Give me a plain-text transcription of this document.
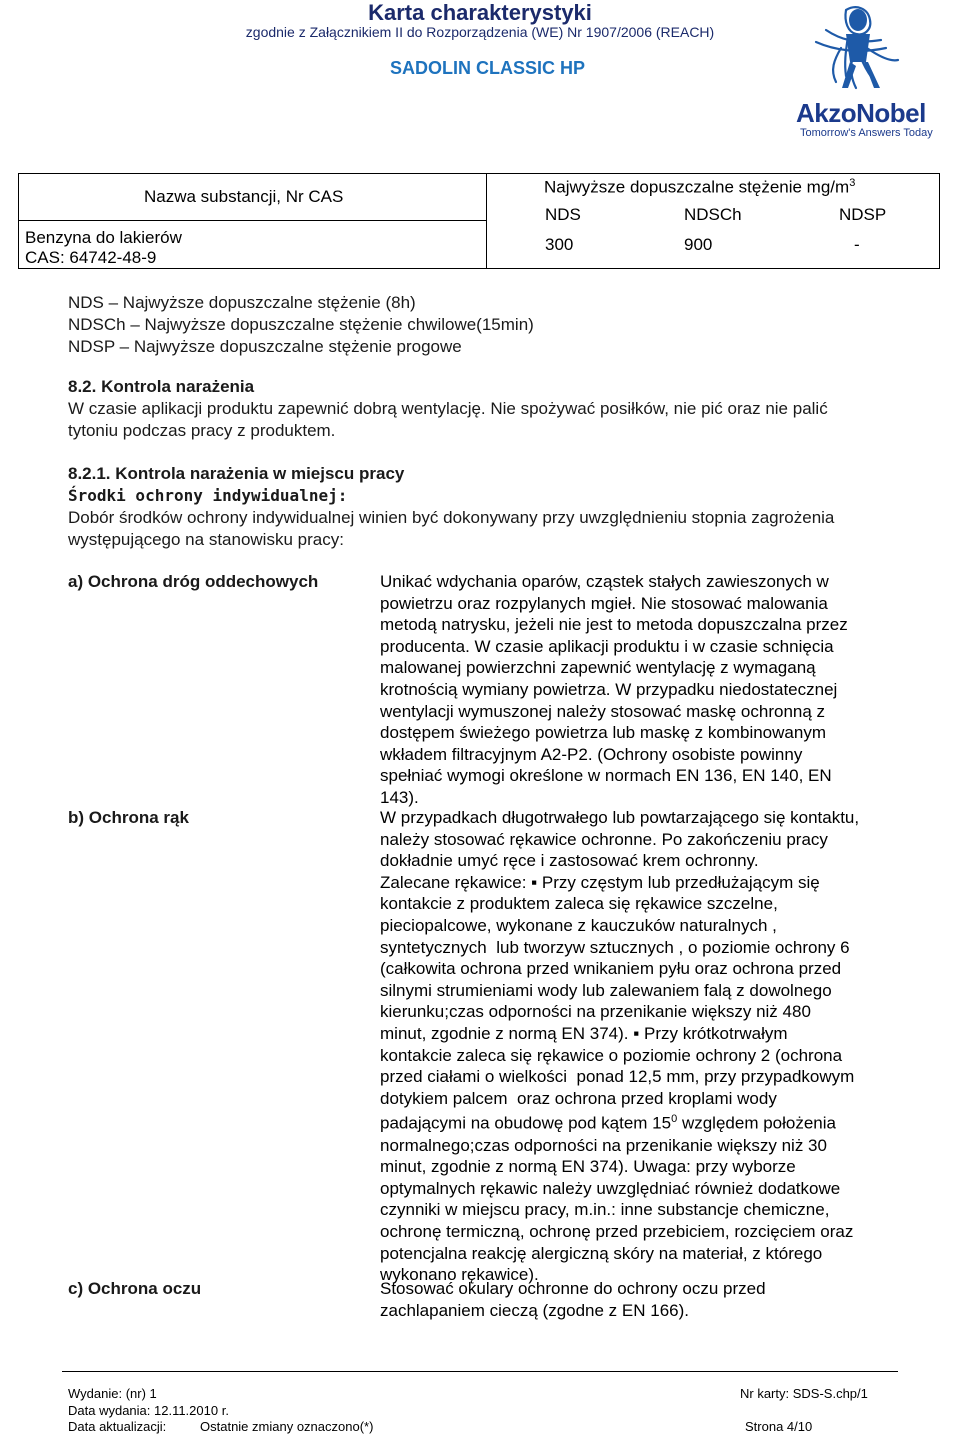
Karta charakterystyki
zgodnie z Załącznikiem II do Rozporządzenia (WE) Nr 1907/2006 (REACH)
SADOLIN CLASSIC HP
AkzoNobel
Tomorrow's Answers Today
Nazwa substancji, Nr CAS	Najwyższe dopuszczalne stężenie $mg/m^3$
NDS	NDSCh	NDSP
Benzyna do lakierów
CAS: 64742-48-9
300	900	-
NDS – Najwyższe dopuszczalne stężenie (8h)
NDSCh – Najwyższe dopuszczalne stężenie chwilowe(15min)
NDSP – Najwyższe dopuszczalne stężenie progowe
8.2. Kontrola narażenia
W czasie aplikacji produktu zapewnić dobrą wentylację. Nie spożywać posiłków, nie pić oraz nie palić
tytoniu podczas pracy z produktem.
8.2.1. Kontrola narażenia w miejscu pracy
Środki ochrony indywidualnej:
Dobór środków ochrony indywidualnej winien być dokonywany przy uwzględnieniu stopnia zagrożenia
występującego na stanowisku pracy:
a) Ochrona dróg oddechowych	Unikać wdychania oparów, cząstek stałych zawieszonych w
powietrzu oraz rozpylanych mgieł. Nie stosować malowania
metodą natrysku, jeżeli nie jest to metoda dopuszczalna przez
producenta. W czasie aplikacji produktu i w czasie schnięcia
malowanej powierzchni zapewnić wentylację z wymaganą
krotnością wymiany powietrza. W przypadku niedostatecznej
wentylacji wymuszonej należy stosować maskę ochronną z
dostępem świeżego powietrza lub maskę z kombinowanym
wkładem filtracyjnym A2-P2. (Ochrony osobiste powinny
spełniać wymogi określone w normach EN 136, EN 140, EN
143).
b) Ochrona rąk	W przypadkach długotrwałego lub powtarzającego się kontaktu,
należy stosować rękawice ochronne. Po zakończeniu pracy
dokładnie umyć ręce i zastosować krem ochronny.
Zalecane rękawice: ▪ Przy częstym lub przedłużającym się
kontakcie z produktem zaleca się rękawice szczelne,
pieciopalcowe, wykonane z kauczuków naturalnych ,
syntetycznych  lub tworzyw sztucznych , o poziomie ochrony 6
(całkowita ochrona przed wnikaniem pyłu oraz ochrona przed
silnymi strumieniami wody lub zalewaniem falą z dowolnego
kierunku;czas odporności na przenikanie większy niż 480
minut, zgodnie z normą EN 374). ▪ Przy krótkotrwałym
kontakcie zaleca się rękawice o poziomie ochrony 2 (ochrona
przed ciałami o wielkości  ponad 12,5 mm, przy przypadkowym
dotykiem palcem  oraz ochrona przed kroplami wody
padającymi na obudowę pod kątem $15^0$ względem położenia
normalnego;czas odporności na przenikanie większy niż 30
minut, zgodnie z normą EN 374). Uwaga: przy wyborze
optymalnych rękawic należy uwzględniać również dodatkowe
czynniki w miejscu pracy, m.in.: inne substancje chemiczne,
ochronę termiczną, ochronę przed przebiciem, rozcięciem oraz
potencjalna reakcję alergiczną skóry na materiał, z którego
wykonano rękawice).
c) Ochrona oczu	Stosować okulary ochronne do ochrony oczu przed
zachlapaniem cieczą (zgodne z EN 166).
Wydanie: (nr) 1
Data wydania: 12.11.2010 r.
Data aktualizacji:	Ostatnie zmiany oznaczono(*)
Nr karty: SDS-S.chp/1
Strona 4/10
